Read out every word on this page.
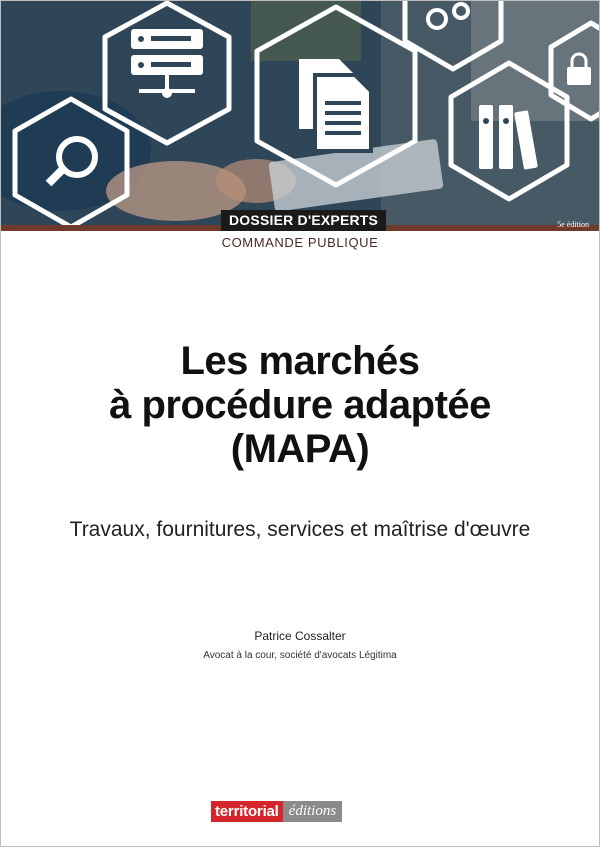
DOSSIER D'EXPERTS	5e édition
COMMANDE PUBLIQUE
Les marchés
à procédure adaptée
(MAPA)
Travaux, fournitures, services et maîtrise d'œuvre
Patrice Cossalter
Avocat à la cour, société d'avocats Légitima
territorial éditions
